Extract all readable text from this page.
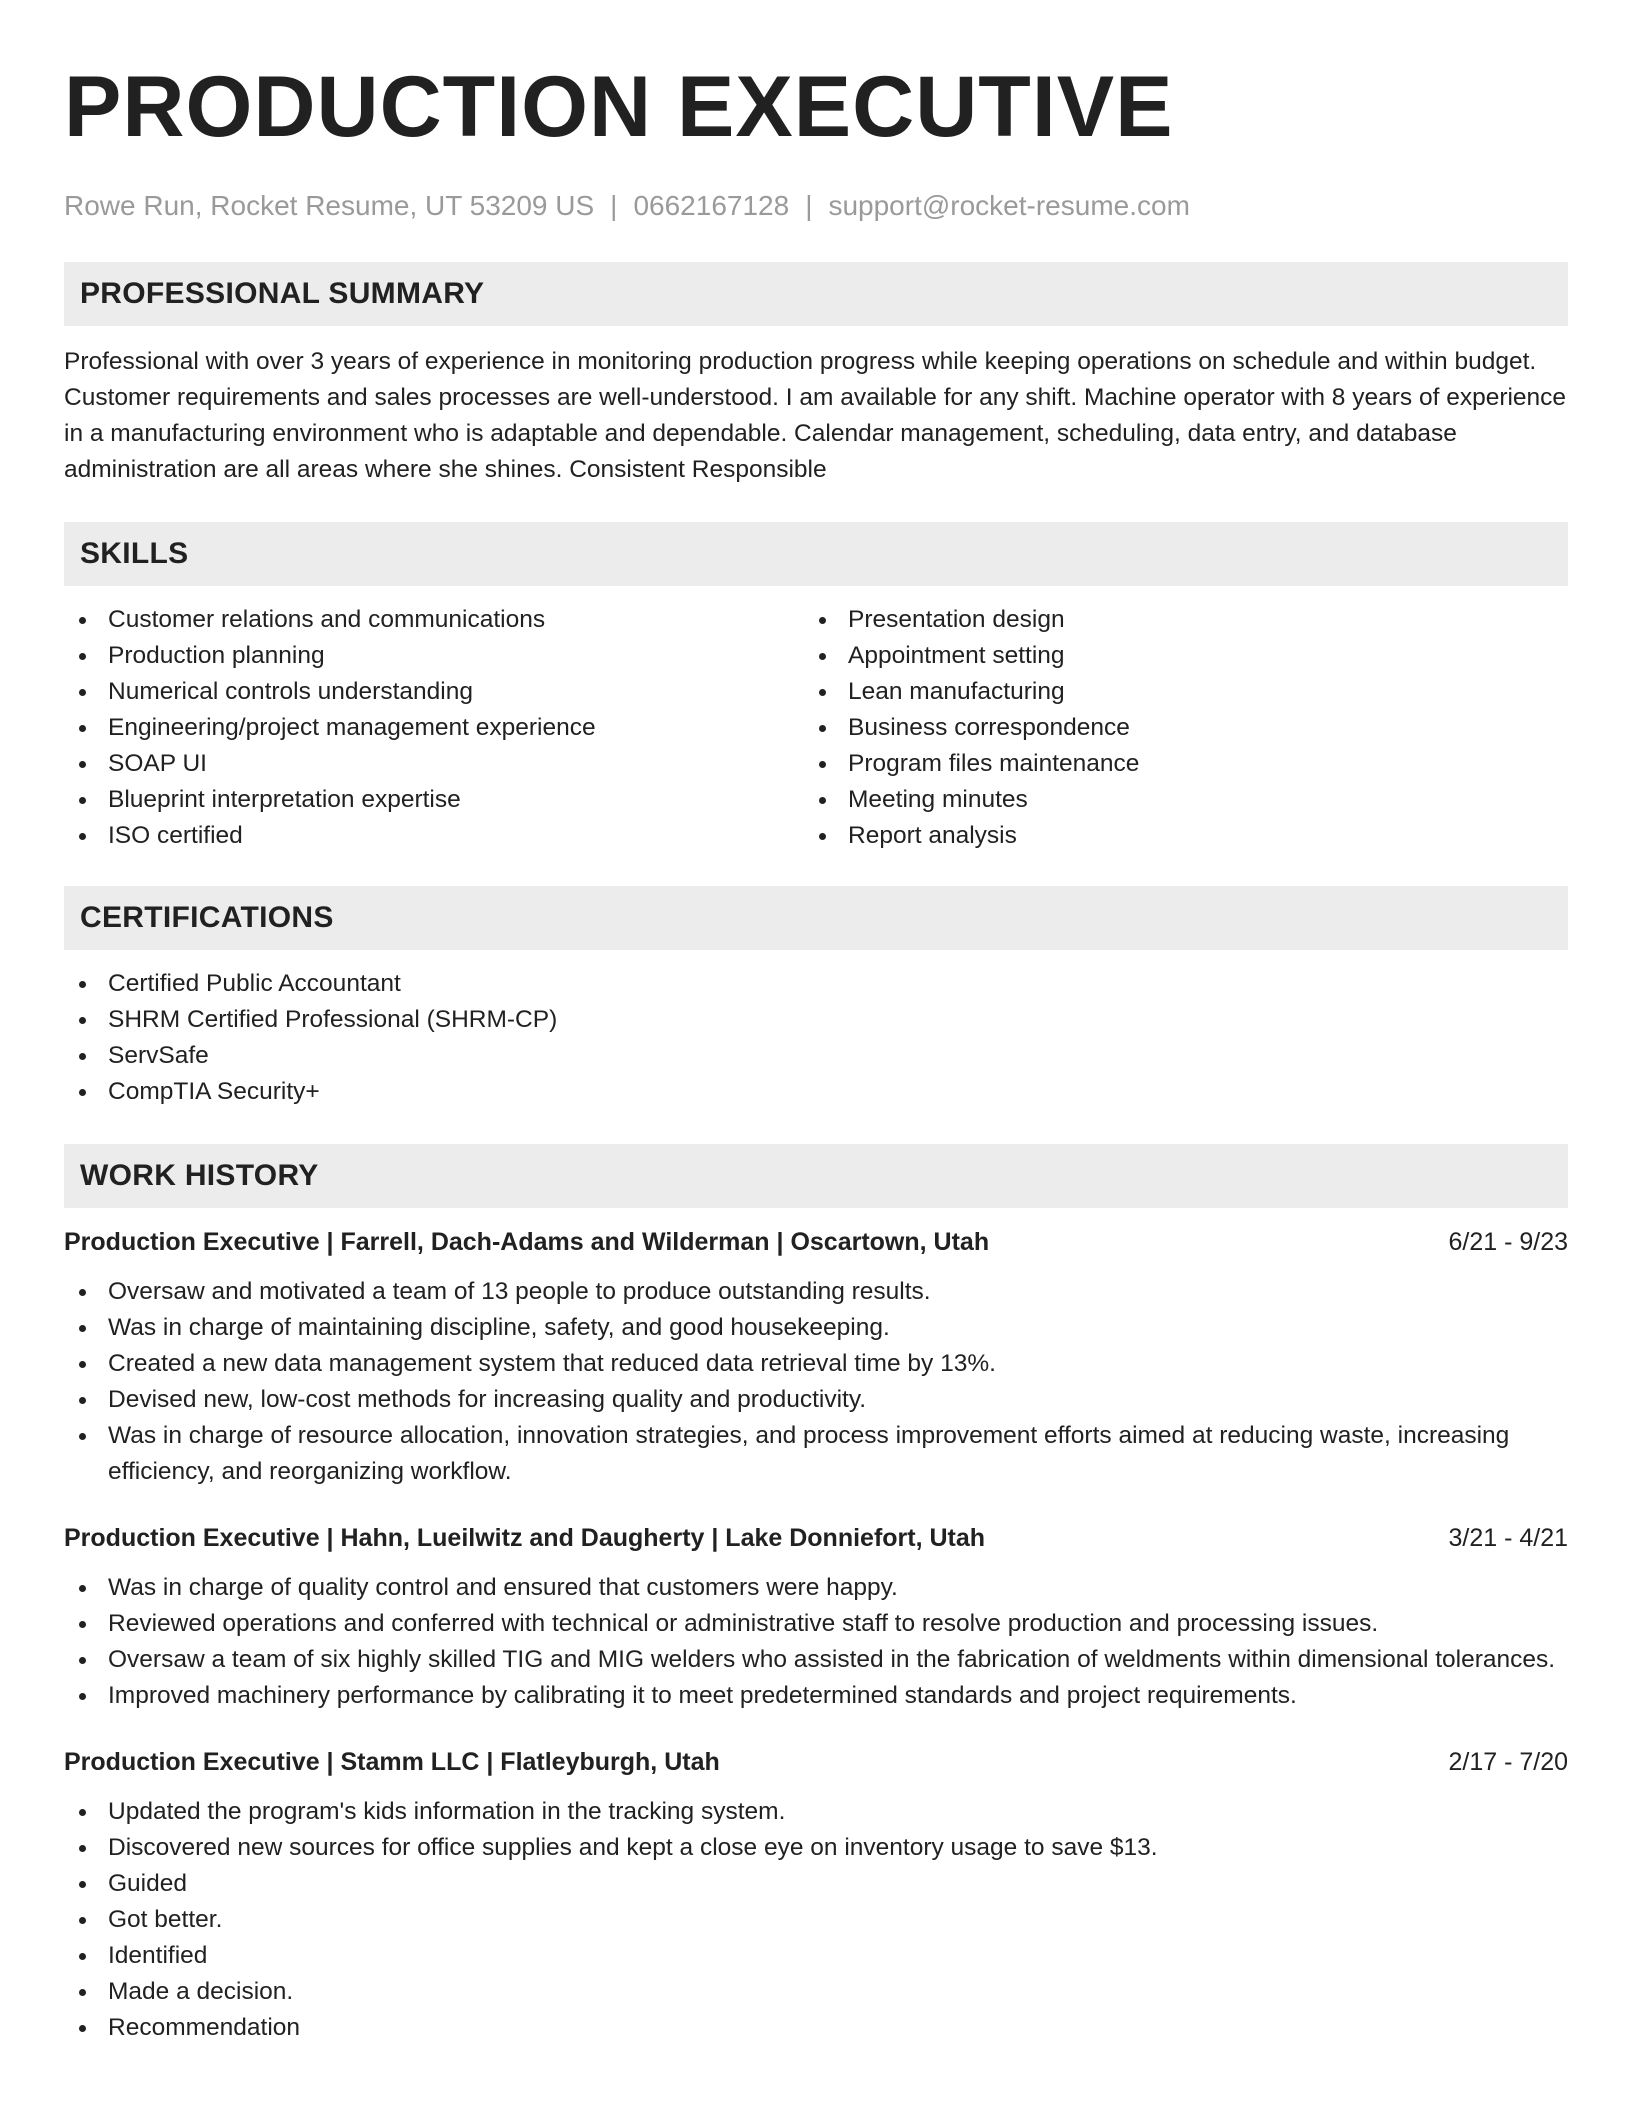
PRODUCTION EXECUTIVE
Rowe Run, Rocket Resume, UT 53209 US | 0662167128 | support@rocket-resume.com
PROFESSIONAL SUMMARY
Professional with over 3 years of experience in monitoring production progress while keeping operations on schedule and within budget. Customer requirements and sales processes are well-understood. I am available for any shift. Machine operator with 8 years of experience in a manufacturing environment who is adaptable and dependable. Calendar management, scheduling, data entry, and database administration are all areas where she shines. Consistent Responsible
SKILLS
Customer relations and communications
Production planning
Numerical controls understanding
Engineering/project management experience
SOAP UI
Blueprint interpretation expertise
ISO certified
Presentation design
Appointment setting
Lean manufacturing
Business correspondence
Program files maintenance
Meeting minutes
Report analysis
CERTIFICATIONS
Certified Public Accountant
SHRM Certified Professional (SHRM-CP)
ServSafe
CompTIA Security+
WORK HISTORY
Production Executive | Farrell, Dach-Adams and Wilderman | Oscartown, Utah	6/21 - 9/23
Oversaw and motivated a team of 13 people to produce outstanding results.
Was in charge of maintaining discipline, safety, and good housekeeping.
Created a new data management system that reduced data retrieval time by 13%.
Devised new, low-cost methods for increasing quality and productivity.
Was in charge of resource allocation, innovation strategies, and process improvement efforts aimed at reducing waste, increasing efficiency, and reorganizing workflow.
Production Executive | Hahn, Lueilwitz and Daugherty | Lake Donniefort, Utah	3/21 - 4/21
Was in charge of quality control and ensured that customers were happy.
Reviewed operations and conferred with technical or administrative staff to resolve production and processing issues.
Oversaw a team of six highly skilled TIG and MIG welders who assisted in the fabrication of weldments within dimensional tolerances.
Improved machinery performance by calibrating it to meet predetermined standards and project requirements.
Production Executive | Stamm LLC | Flatleyburgh, Utah	2/17 - 7/20
Updated the program's kids information in the tracking system.
Discovered new sources for office supplies and kept a close eye on inventory usage to save $13.
Guided
Got better.
Identified
Made a decision.
Recommendation
